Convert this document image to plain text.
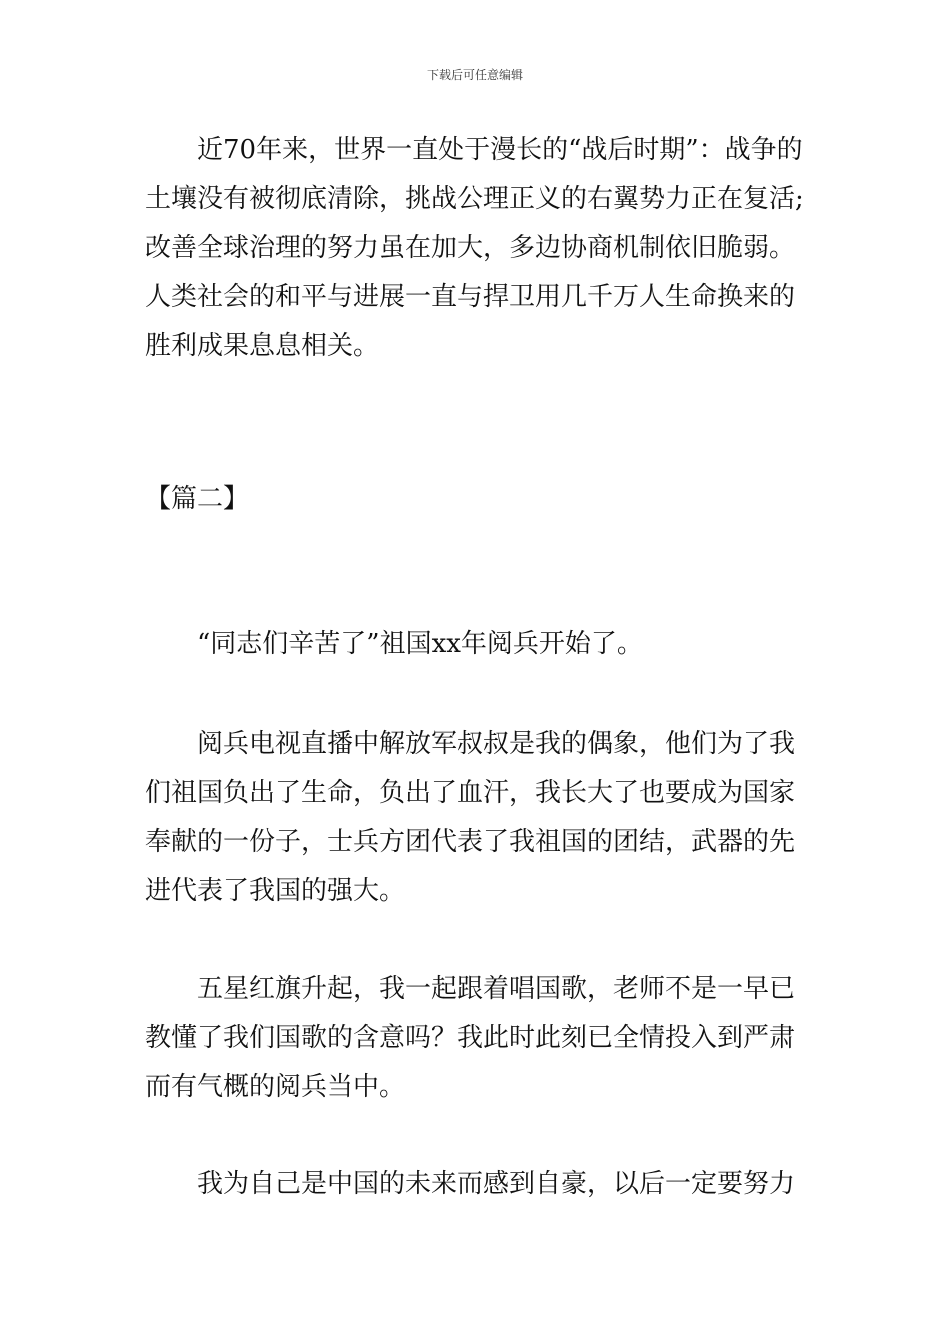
下载后可任意编辑

近70年来，世界一直处于漫长的“战后时期”：战争的土壤没有被彻底清除，挑战公理正义的右翼势力正在复活;改善全球治理的努力虽在加大，多边协商机制依旧脆弱。人类社会的和平与进展一直与捍卫用几千万人生命换来的胜利成果息息相关。

【篇二】

“同志们辛苦了”祖国xx年阅兵开始了。

阅兵电视直播中解放军叔叔是我的偶象，他们为了我们祖国负出了生命，负出了血汗，我长大了也要成为国家奉献的一份子，士兵方团代表了我祖国的团结，武器的先进代表了我国的强大。

五星红旗升起，我一起跟着唱国歌，老师不是一早已教懂了我们国歌的含意吗？我此时此刻已全情投入到严肃而有气概的阅兵当中。

我为自己是中国的未来而感到自豪，以后一定要努力
